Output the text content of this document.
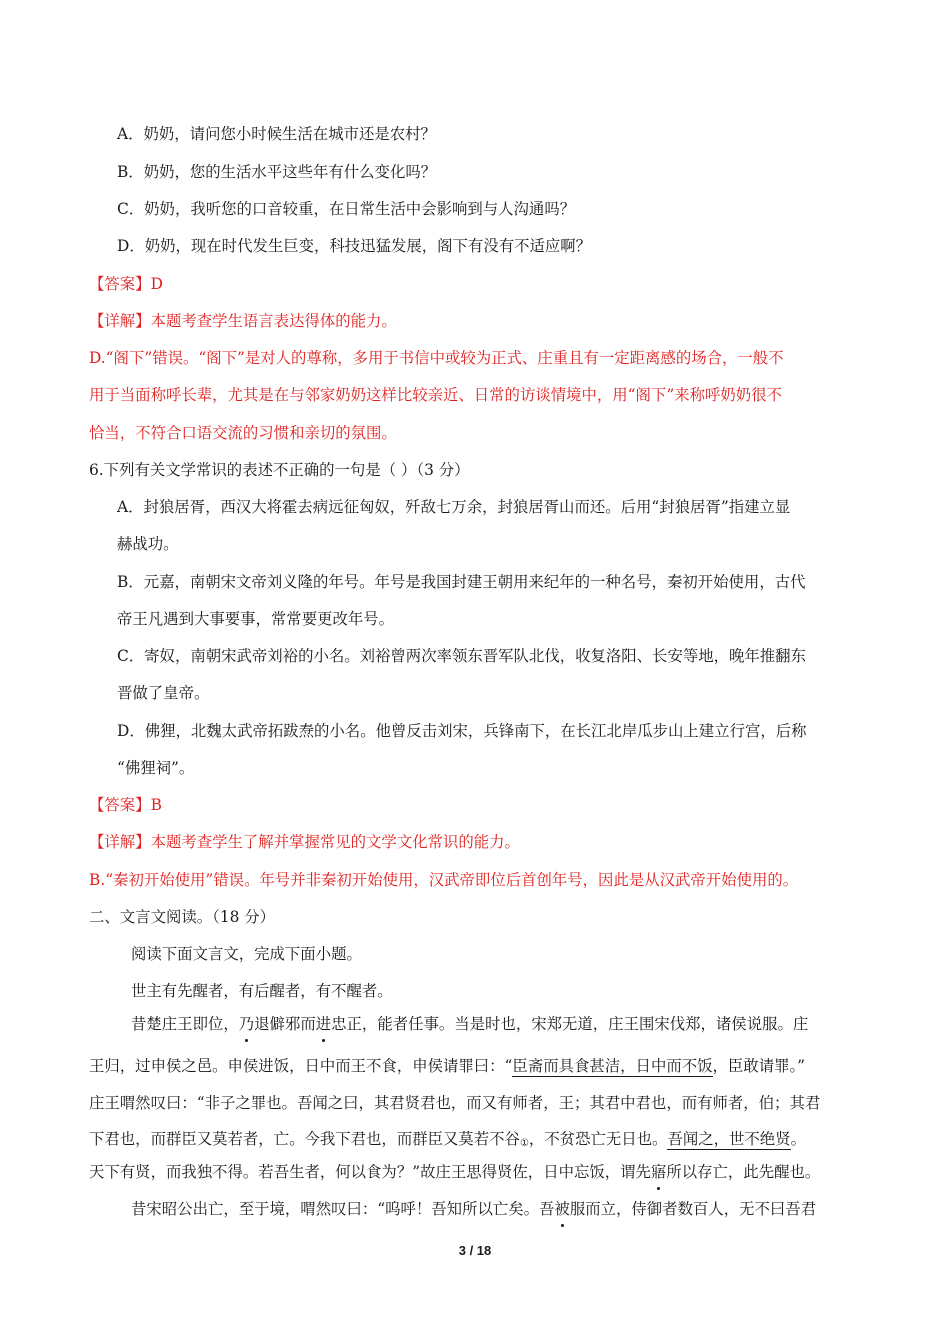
A．奶奶，请问您小时候生活在城市还是农村？
B．奶奶，您的生活水平这些年有什么变化吗？
C．奶奶，我听您的口音较重，在日常生活中会影响到与人沟通吗？
D．奶奶，现在时代发生巨变，科技迅猛发展，阁下有没有不适应啊？
【答案】D
【详解】本题考查学生语言表达得体的能力。
D.“阁下”错误。“阁下”是对人的尊称，多用于书信中或较为正式、庄重且有一定距离感的场合，一般不
用于当面称呼长辈，尤其是在与邻家奶奶这样比较亲近、日常的访谈情境中，用“阁下”来称呼奶奶很不
恰当，不符合口语交流的习惯和亲切的氛围。
6.下列有关文学常识的表述不正确的一句是（ ）（3 分）
A．封狼居胥，西汉大将霍去病远征匈奴，歼敌七万余，封狼居胥山而还。后用“封狼居胥”指建立显
赫战功。
B．元嘉，南朝宋文帝刘义隆的年号。年号是我国封建王朝用来纪年的一种名号，秦初开始使用，古代
帝王凡遇到大事要事，常常要更改年号。
C．寄奴，南朝宋武帝刘裕的小名。刘裕曾两次率领东晋军队北伐，收复洛阳、长安等地，晚年推翻东
晋做了皇帝。
D．佛狸，北魏太武帝拓跋焘的小名。他曾反击刘宋，兵锋南下，在长江北岸瓜步山上建立行宫，后称
“佛狸祠”。
【答案】B
【详解】本题考查学生了解并掌握常见的文学文化常识的能力。
B.“秦初开始使用”错误。年号并非秦初开始使用，汉武帝即位后首创年号，因此是从汉武帝开始使用的。
二、文言文阅读。（18 分）
阅读下面文言文，完成下面小题。
世主有先醒者，有后醒者，有不醒者。
昔楚庄王即位，乃退僻邪而进忠正，能者任事。当是时也，宋郑无道，庄王围宋伐郑，诸侯说服。庄
王归，过申侯之邑。申侯进饭，日中而王不食，申侯请罪曰：“臣斋而具食甚洁，日中而不饭，臣敢请罪。”
庄王喟然叹曰：“非子之罪也。吾闻之曰，其君贤君也，而又有师者，王；其君中君也，而有师者，伯；其君
下君也，而群臣又莫若者，亡。今我下君也，而群臣又莫若不谷①，不贫恐亡无日也。吾闻之，世不绝贤。
天下有贤，而我独不得。若吾生者，何以食为？”故庄王思得贤佐，日中忘饭，谓先寤所以存亡，此先醒也。
昔宋昭公出亡，至于境，喟然叹曰：“呜呼！吾知所以亡矣。吾被服而立，侍御者数百人，无不曰吾君
3 / 18
